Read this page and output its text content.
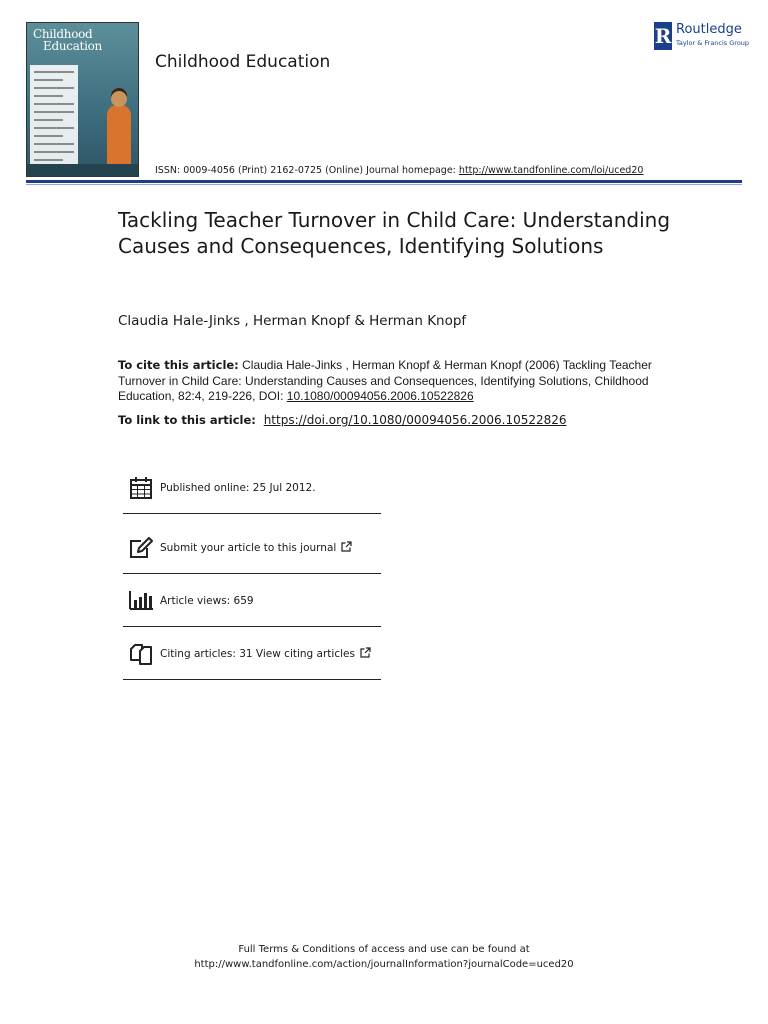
Childhood
Education
Childhood Education
ISSN: 0009-4056 (Print) 2162-0725 (Online) Journal homepage: http://www.tandfonline.com/loi/uced20
R Routledge
Taylor & Francis Group
Tackling Teacher Turnover in Child Care: Understanding Causes and Consequences, Identifying Solutions
Claudia Hale-Jinks , Herman Knopf & Herman Knopf
To cite this article: Claudia Hale-Jinks , Herman Knopf & Herman Knopf (2006) Tackling Teacher Turnover in Child Care: Understanding Causes and Consequences, Identifying Solutions, Childhood Education, 82:4, 219-226, DOI: 10.1080/00094056.2006.10522826
To link to this article: https://doi.org/10.1080/00094056.2006.10522826
Published online: 25 Jul 2012.
Submit your article to this journal
Article views: 659
Citing articles: 31 View citing articles
Full Terms & Conditions of access and use can be found at
http://www.tandfonline.com/action/journalInformation?journalCode=uced20
